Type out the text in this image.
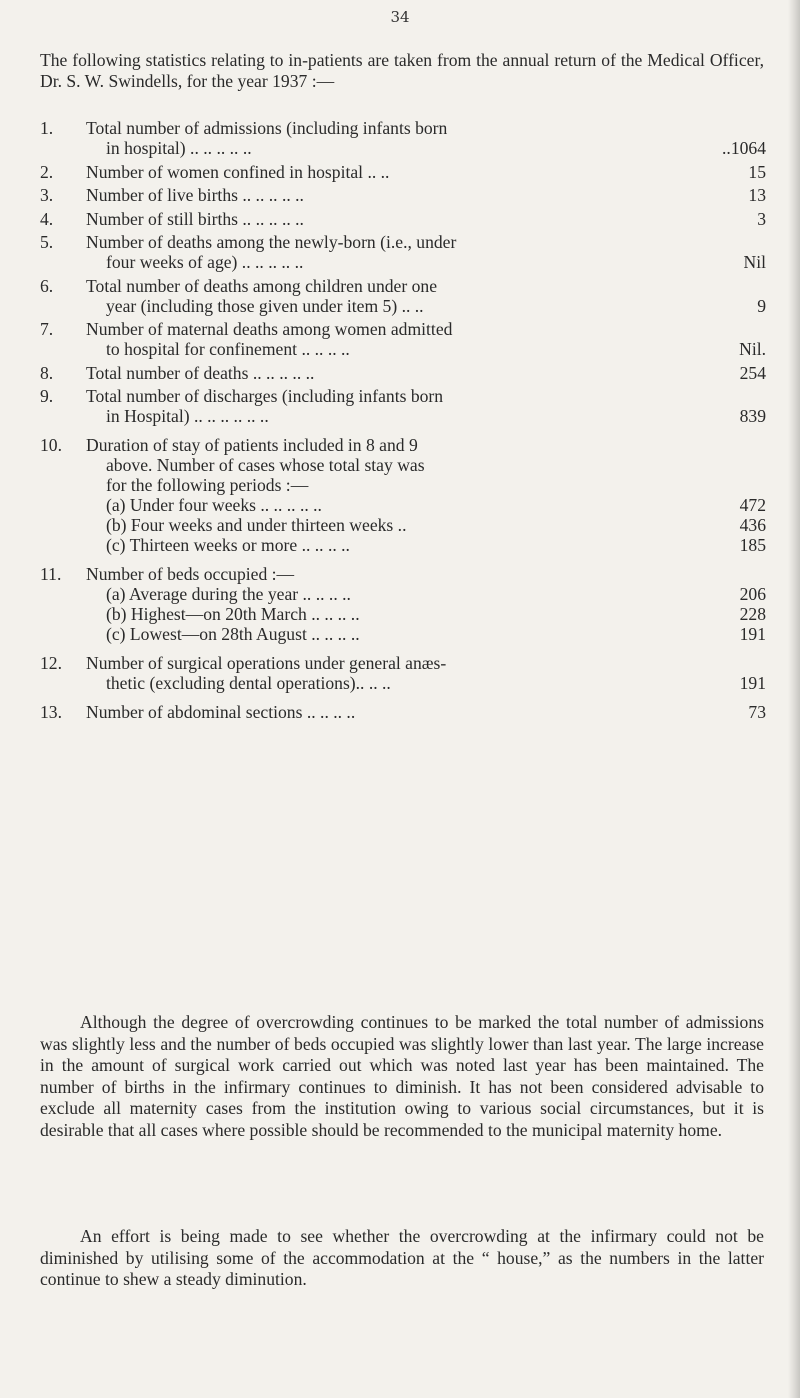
34
The following statistics relating to in-patients are taken from the annual return of the Medical Officer, Dr. S. W. Swindells, for the year 1937 :—
1.	Total number of admissions (including infants born
in hospital) .. .. .. .. ..	..1064
2.	Number of women confined in hospital .. ..	15
3.	Number of live births .. .. .. .. ..	13
4.	Number of still births .. .. .. .. ..	3
5.	Number of deaths among the newly-born (i.e., under
four weeks of age) .. .. .. .. ..	Nil
6.	Total number of deaths among children under one
year (including those given under item 5) .. ..	9
7.	Number of maternal deaths among women admitted
to hospital for confinement .. .. .. ..	Nil.
8.	Total number of deaths .. .. .. .. ..	254
9.	Total number of discharges (including infants born
in Hospital) .. .. .. .. .. ..	839
10.	Duration of stay of patients included in 8 and 9
above. Number of cases whose total stay was
for the following periods :—
(a) Under four weeks .. .. .. .. ..	472
(b) Four weeks and under thirteen weeks ..	436
(c) Thirteen weeks or more .. .. .. ..	185
11.	Number of beds occupied :—
(a) Average during the year .. .. .. ..	206
(b) Highest—on 20th March .. .. .. ..	228
(c) Lowest—on 28th August .. .. .. ..	191
12.	Number of surgical operations under general anæs-
thetic (excluding dental operations).. .. ..	191
13.	Number of abdominal sections .. .. .. ..	73
Although the degree of overcrowding continues to be marked the total number of admissions was slightly less and the number of beds occupied was slightly lower than last year. The large increase in the amount of surgical work carried out which was noted last year has been maintained. The number of births in the infirmary continues to diminish. It has not been considered advisable to exclude all maternity cases from the institution owing to various social circumstances, but it is desirable that all cases where possible should be recommended to the municipal maternity home.
An effort is being made to see whether the overcrowding at the infirmary could not be diminished by utilising some of the accommodation at the “ house,” as the numbers in the latter continue to shew a steady diminution.
